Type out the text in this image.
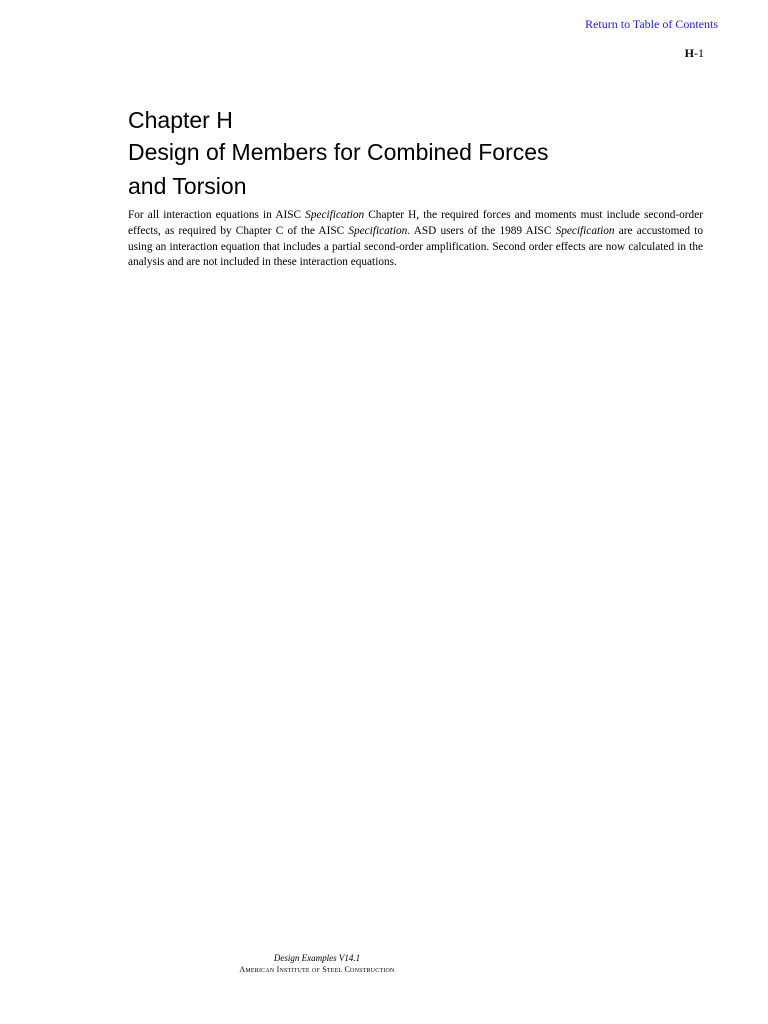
Return to Table of Contents
H-1
Chapter H
Design of Members for Combined Forces
and Torsion

For all interaction equations in AISC Specification Chapter H, the required forces and moments must include second-order effects, as required by Chapter C of the AISC Specification. ASD users of the 1989 AISC Specification are accustomed to using an interaction equation that includes a partial second-order amplification. Second order effects are now calculated in the analysis and are not included in these interaction equations.

Design Examples V14.1
American Institute of Steel Construction
